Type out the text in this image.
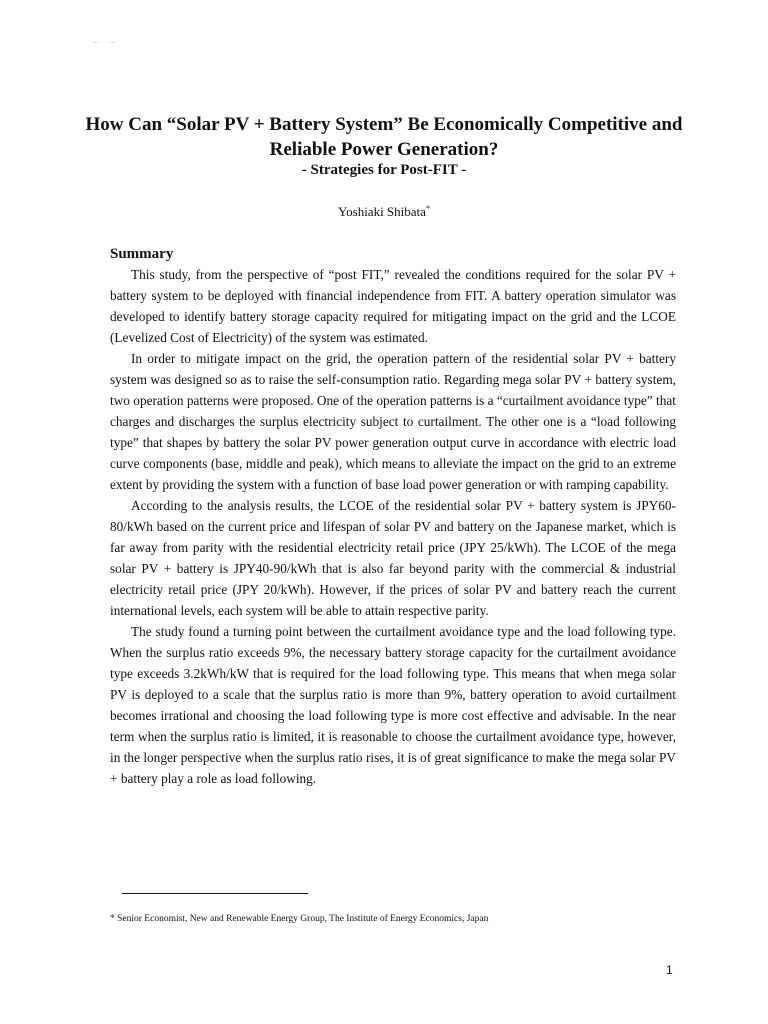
— · · —
How Can “Solar PV + Battery System” Be Economically Competitive and Reliable Power Generation?
- Strategies for Post-FIT -
Yoshiaki Shibata*
Summary

This study, from the perspective of “post FIT,” revealed the conditions required for the solar PV + battery system to be deployed with financial independence from FIT. A battery operation simulator was developed to identify battery storage capacity required for mitigating impact on the grid and the LCOE (Levelized Cost of Electricity) of the system was estimated.

In order to mitigate impact on the grid, the operation pattern of the residential solar PV + battery system was designed so as to raise the self-consumption ratio. Regarding mega solar PV + battery system, two operation patterns were proposed. One of the operation patterns is a “curtailment avoidance type” that charges and discharges the surplus electricity subject to curtailment. The other one is a “load following type” that shapes by battery the solar PV power generation output curve in accordance with electric load curve components (base, middle and peak), which means to alleviate the impact on the grid to an extreme extent by providing the system with a function of base load power generation or with ramping capability.

According to the analysis results, the LCOE of the residential solar PV + battery system is JPY60-80/kWh based on the current price and lifespan of solar PV and battery on the Japanese market, which is far away from parity with the residential electricity retail price (JPY 25/kWh). The LCOE of the mega solar PV + battery is JPY40-90/kWh that is also far beyond parity with the commercial & industrial electricity retail price (JPY 20/kWh). However, if the prices of solar PV and battery reach the current international levels, each system will be able to attain respective parity.

The study found a turning point between the curtailment avoidance type and the load following type. When the surplus ratio exceeds 9%, the necessary battery storage capacity for the curtailment avoidance type exceeds 3.2kWh/kW that is required for the load following type. This means that when mega solar PV is deployed to a scale that the surplus ratio is more than 9%, battery operation to avoid curtailment becomes irrational and choosing the load following type is more cost effective and advisable. In the near term when the surplus ratio is limited, it is reasonable to choose the curtailment avoidance type, however, in the longer perspective when the surplus ratio rises, it is of great significance to make the mega solar PV + battery play a role as load following.

* Senior Economist, New and Renewable Energy Group, The Institute of Energy Economics, Japan
1
